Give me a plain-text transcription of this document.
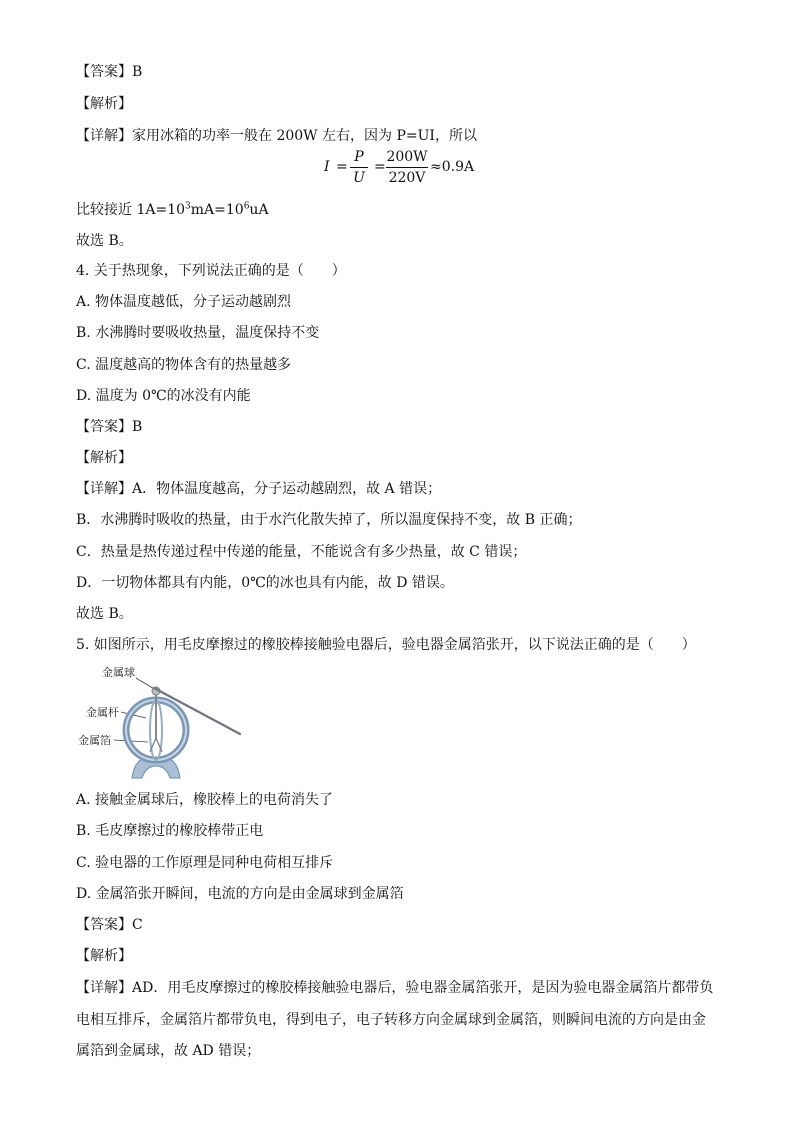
【答案】B
【解析】
【详解】家用冰箱的功率一般在 200W 左右，因为 P=UI，所以
I =
P
U
=
200W
220V
≈0.9A
比较接近 $1A=10^3mA=10^6uA$
故选 B。
4. 关于热现象，下列说法正确的是（　　）
A. 物体温度越低，分子运动越剧烈
B. 水沸腾时要吸收热量，温度保持不变
C. 温度越高的物体含有的热量越多
D. 温度为 0℃的冰没有内能
【答案】B
【解析】
【详解】A．物体温度越高，分子运动越剧烈，故 A 错误；
B．水沸腾时吸收的热量，由于水汽化散失掉了，所以温度保持不变，故 B 正确；
C．热量是热传递过程中传递的能量，不能说含有多少热量，故 C 错误；
D．一切物体都具有内能，0℃的冰也具有内能，故 D 错误。
故选 B。
5. 如图所示，用毛皮摩擦过的橡胶棒接触验电器后，验电器金属箔张开，以下说法正确的是（　　）
金属球
金属杆
金属箔
A. 接触金属球后，橡胶棒上的电荷消失了
B. 毛皮摩擦过的橡胶棒带正电
C. 验电器的工作原理是同种电荷相互排斥
D. 金属箔张开瞬间，电流的方向是由金属球到金属箔
【答案】C
【解析】
【详解】AD．用毛皮摩擦过的橡胶棒接触验电器后，验电器金属箔张开，是因为验电器金属箔片都带负
电相互排斥，金属箔片都带负电，得到电子，电子转移方向金属球到金属箔，则瞬间电流的方向是由金
属箔到金属球，故 AD 错误；
